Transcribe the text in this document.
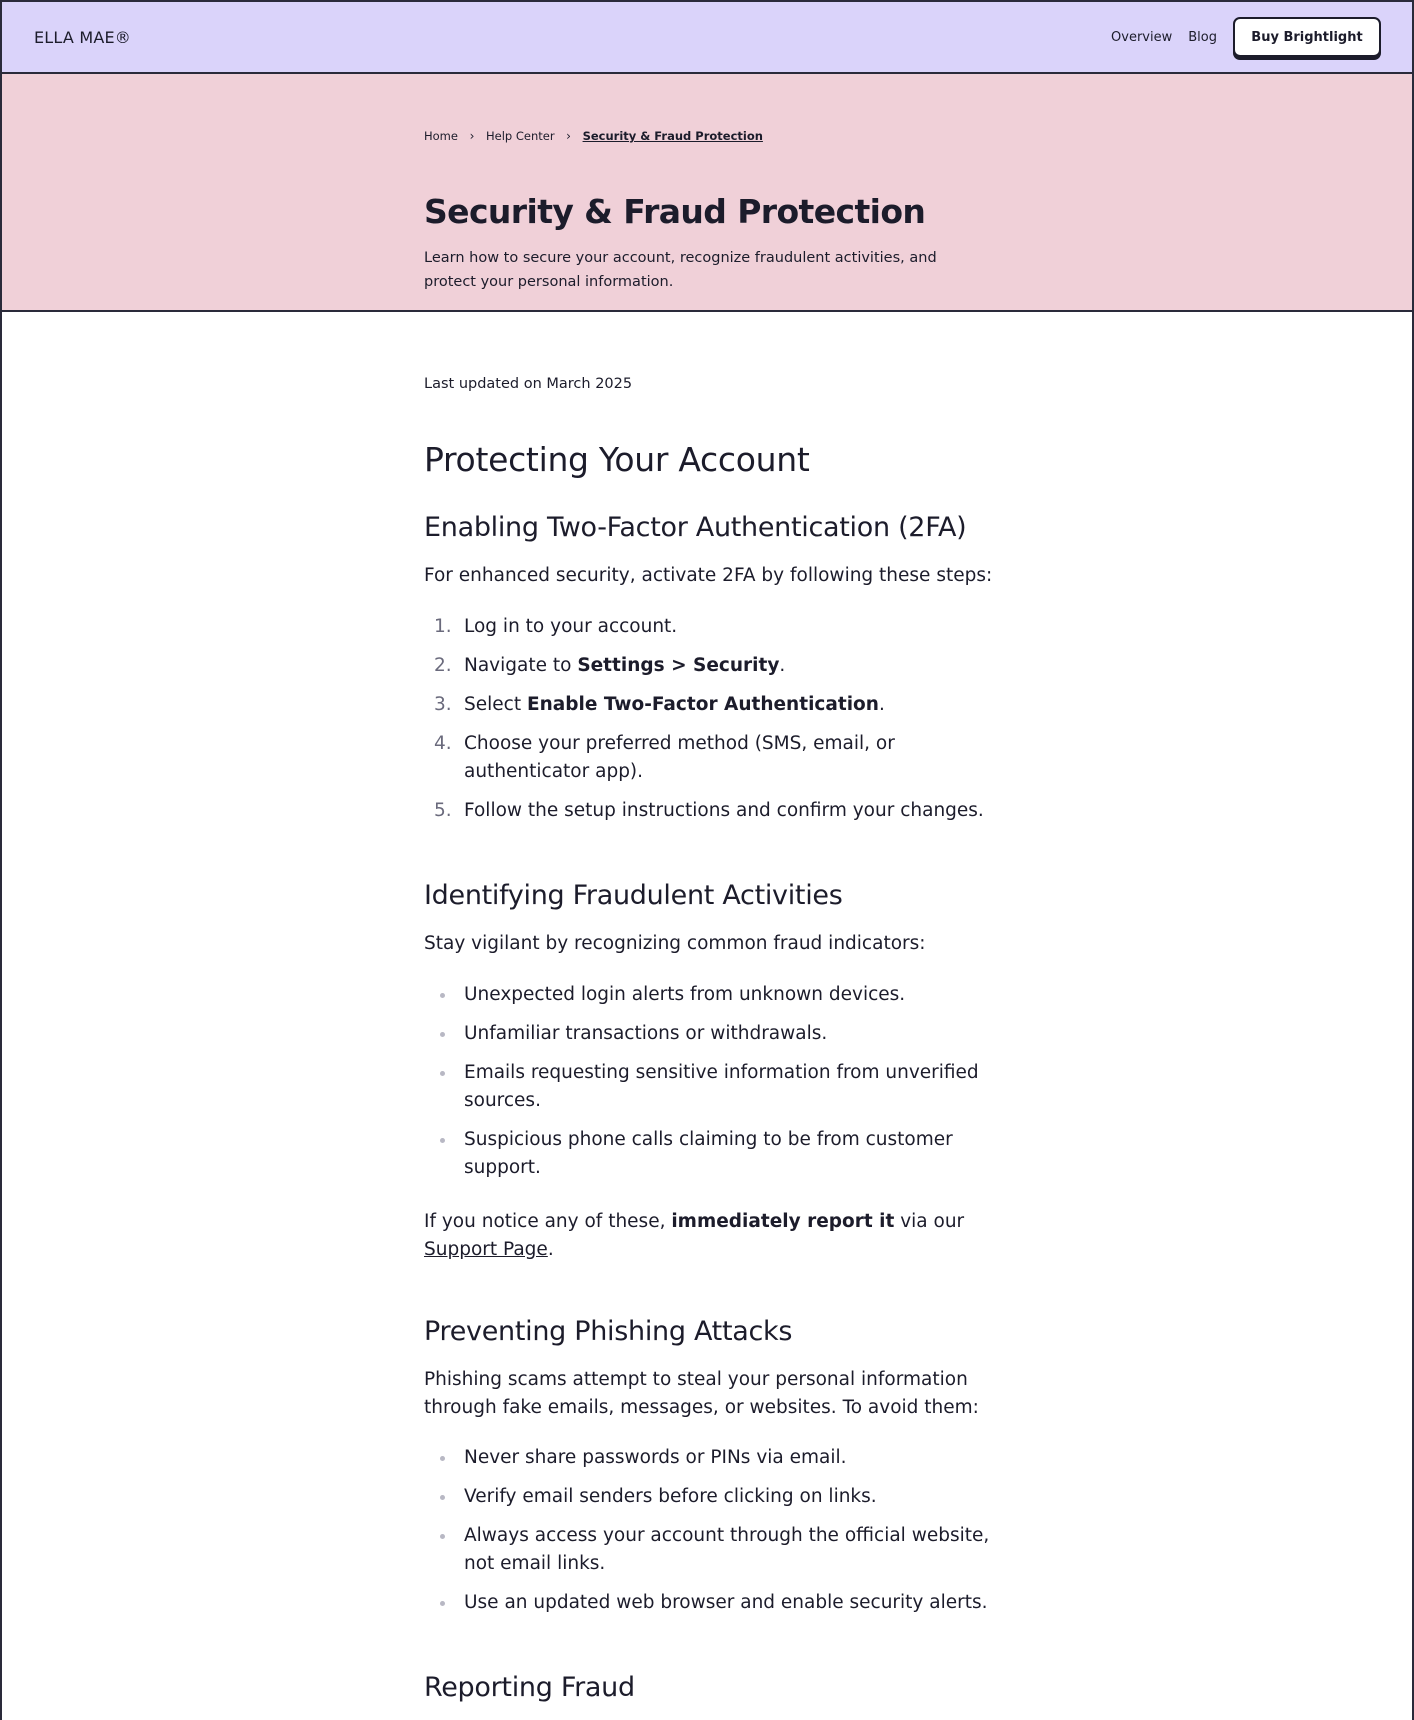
ELLA MAE®	Overview Blog	Buy Brightlight
Home ›	Help Center ›	Security & Fraud Protection
Security & Fraud Protection

Learn how to secure your account, recognize fraudulent activities, and protect your personal information.

Last updated on March 2025
Protecting Your Account
Enabling Two-Factor Authentication (2FA)

For enhanced security, activate 2FA by following these steps:

1. Log in to your account.
2. Navigate to Settings > Security.
3. Select Enable Two-Factor Authentication.
4. Choose your preferred method (SMS, email, or authenticator app).
5. Follow the setup instructions and confirm your changes.
Identifying Fraudulent Activities

Stay vigilant by recognizing common fraud indicators:

Unexpected login alerts from unknown devices.
Unfamiliar transactions or withdrawals.
Emails requesting sensitive information from unverified sources.
Suspicious phone calls claiming to be from customer support.

If you notice any of these, immediately report it via our Support Page.

Preventing Phishing Attacks

Phishing scams attempt to steal your personal information through fake emails, messages, or websites. To avoid them:

Never share passwords or PINs via email.
Verify email senders before clicking on links.
Always access your account through the official website, not email links.
Use an updated web browser and enable security alerts.
Reporting Fraud
